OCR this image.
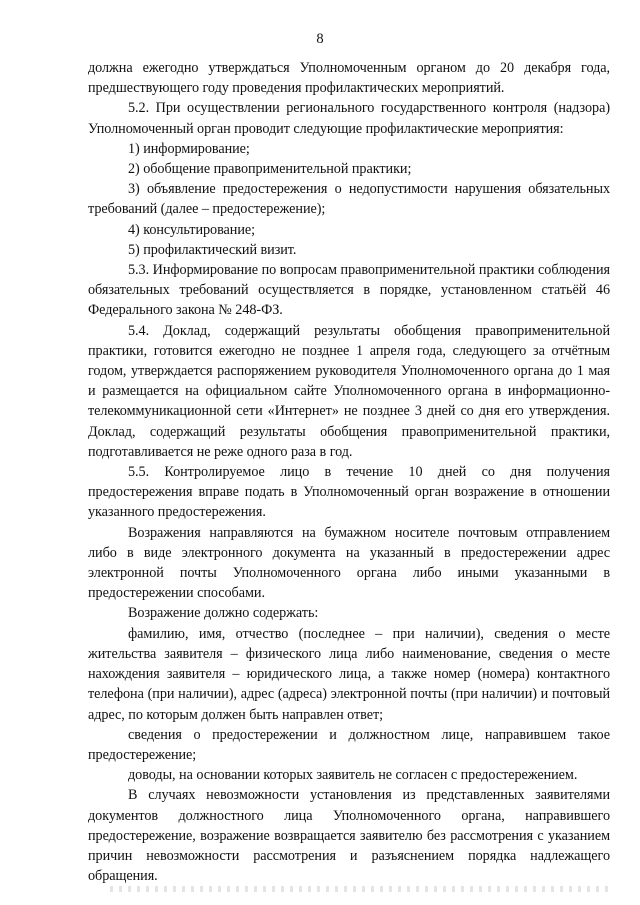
8

должна ежегодно утверждаться Уполномоченным органом до 20 декабря года, предшествующего году проведения профилактических мероприятий.

5.2. При осуществлении регионального государственного контроля (надзора) Уполномоченный орган проводит следующие профилактические мероприятия:

1) информирование;

2) обобщение правоприменительной практики;

3) объявление предостережения о недопустимости нарушения обязательных требований (далее – предостережение);

4) консультирование;

5) профилактический визит.

5.3. Информирование по вопросам правоприменительной практики соблюдения обязательных требований осуществляется в порядке, установленном статьёй 46 Федерального закона № 248-ФЗ.

5.4. Доклад, содержащий результаты обобщения правоприменительной практики, готовится ежегодно не позднее 1 апреля года, следующего за отчётным годом, утверждается распоряжением руководителя Уполномоченного органа до 1 мая и размещается на официальном сайте Уполномоченного органа в информационно-телекоммуникационной сети «Интернет» не позднее 3 дней со дня его утверждения. Доклад, содержащий результаты обобщения правоприменительной практики, подготавливается не реже одного раза в год.

5.5. Контролируемое лицо в течение 10 дней со дня получения предостережения вправе подать в Уполномоченный орган возражение в отношении указанного предостережения.

Возражения направляются на бумажном носителе почтовым отправлением либо в виде электронного документа на указанный в предостережении адрес электронной почты Уполномоченного органа либо иными указанными в предостережении способами.

Возражение должно содержать:

фамилию, имя, отчество (последнее – при наличии), сведения о месте жительства заявителя – физического лица либо наименование, сведения о месте нахождения заявителя – юридического лица, а также номер (номера) контактного телефона (при наличии), адрес (адреса) электронной почты (при наличии) и почтовый адрес, по которым должен быть направлен ответ;

сведения о предостережении и должностном лице, направившем такое предостережение;

доводы, на основании которых заявитель не согласен с предостережением.

В случаях невозможности установления из представленных заявителями документов должностного лица Уполномоченного органа, направившего предостережение, возражение возвращается заявителю без рассмотрения с указанием причин невозможности рассмотрения и разъяснением порядка надлежащего обращения.
